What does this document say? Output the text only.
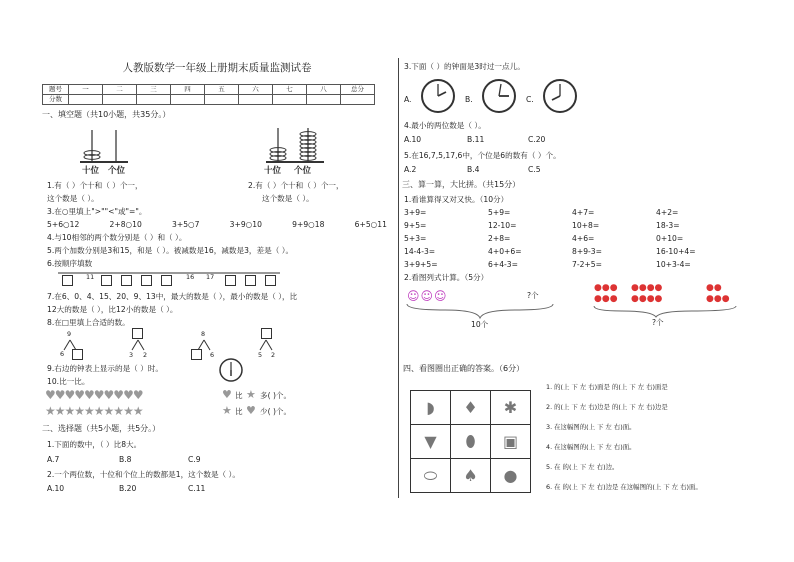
人教版数学一年级上册期末质量监测试卷
题号	一	二	三	四	五	六	七	八	总分
分数									
一、填空题（共10小题，共35分。）
十位 个位	十位 个位
1.有（ ）个十和（ ）个一，	2.有（ ）个十和（ ）个一，
这个数是（ ）。	这个数是（ ）。
3.在○里填上">""<"或"="。
5+6○12	2+8○10	3+5○7	3+9○10	9+9○18	6+5○11
4.与10相邻的两个数分别是（ ）和（ ）。
5.两个加数分别是3和15，和是（ ）。被减数是16，减数是3，差是（ ）。
6.按顺序填数
11	16 17
7.在6、0、4、15、20、9、13中，最大的数是（ ），最小的数是（ ），比
12大的数是（ ），比12小的数是（ ）。
8.在□里填上合适的数。
9
6	3 2
8
6	5 2
9.右边的钟表上显示的是（ ）时。
10.比一比。
♥♥♥♥♥♥♥♥♥♥
★★★★★★★★★★
♥ 比 ★ 多( )个。
★ 比 ♥ 少( )个。
二、选择题（共5小题，共5分。）
1.下面的数中，（ ）比8大。
A.7	B.8	C.9
2.一个两位数，十位和个位上的数都是1，这个数是（ ）。
A.10	B.20	C.11
3.下面（ ）的钟面是3时过一点儿。
A.	B.	C.
4.最小的两位数是（ ）。
A.10	B.11	C.20
5.在16,7,5,17,6中，个位是6的数有（ ）个。
A.2	B.4	C.5
三、算一算，大比拼。（共15分）
1.看谁算得又对又快。（10分）
3+9=	5+9=	4+7=	4+2=
9+5=	12-10=	10+8=	18-3=
5+3=	2+8=	4+6=	0+10=
14-4-3=	4+0+6=	8+9-3=	16-10+4=
3+9+5=	6+4-3=	7-2+5=	10+3-4=
2.看图列式计算。（5分）
☺☺☺	?个
10个
●●●
●●●
●●●●
●●●●
●●
●●●
?个
四、看图圈出正确的答案。（6分）
◗	♦	✱
▼	⬮	▣
⬭	♠	●
1. 的(上 下 左 右)面是 的(上 下 左 右)面是
2. 的(上 下 左 右)边是 的(上 下 左 右)边是
3. 在这幅图的(上 下 左 右)面。
4. 在这幅图的(上 下 左 右)面。
5. 在 的(上 下 左 右)边。
6. 在 的(上 下 左 右)边是 在这幅图的(上 下 左 右)面。
